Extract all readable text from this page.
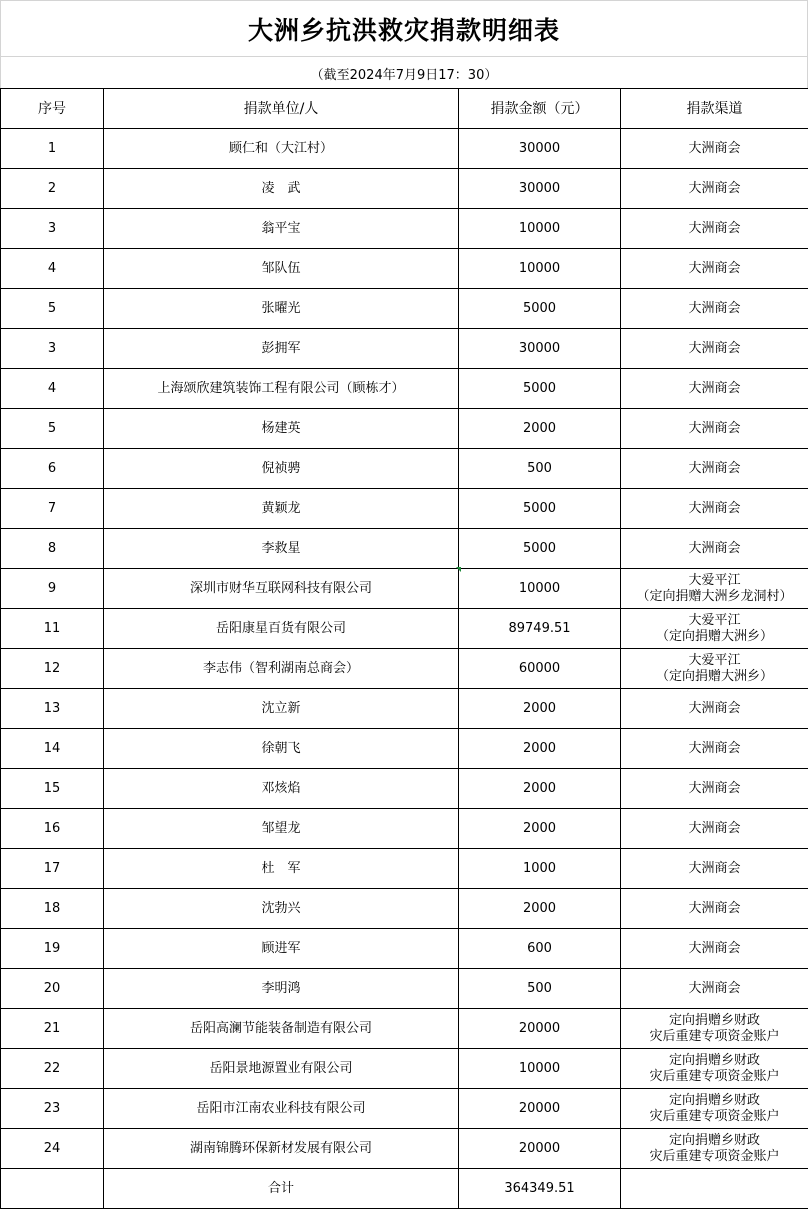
大洲乡抗洪救灾捐款明细表
（截至2024年7月9日17：30）
序号	捐款单位/人	捐款金额（元）	捐款渠道
1	顾仁和（大江村）	30000	大洲商会

2	凌　武	30000	大洲商会

3	翁平宝	10000	大洲商会

4	邹队伍	10000	大洲商会

5	张曜光	5000	大洲商会

3	彭拥军	30000	大洲商会

4	上海颂欣建筑装饰工程有限公司（顾栋才）	5000	大洲商会

5	杨建英	2000	大洲商会

6	倪祯骋	500	大洲商会

7	黄颖龙	5000	大洲商会

8	李救星	5000	大洲商会

9	深圳市财华互联网科技有限公司	10000	大爱平江
（定向捐赠大洲乡龙洞村）

11	岳阳康星百货有限公司	89749.51	大爱平江
（定向捐赠大洲乡）

12	李志伟（智利湖南总商会）	60000	大爱平江
（定向捐赠大洲乡）

13	沈立新	2000	大洲商会

14	徐朝飞	2000	大洲商会

15	邓烗焰	2000	大洲商会

16	邹望龙	2000	大洲商会

17	杜　军	1000	大洲商会

18	沈勃兴	2000	大洲商会

19	顾进军	600	大洲商会

20	李明鸿	500	大洲商会

21	岳阳高澜节能装备制造有限公司	20000	定向捐赠乡财政
灾后重建专项资金账户

22	岳阳景地源置业有限公司	10000	定向捐赠乡财政
灾后重建专项资金账户

23	岳阳市江南农业科技有限公司	20000	定向捐赠乡财政
灾后重建专项资金账户

24	湖南锦腾环保新材发展有限公司	20000	定向捐赠乡财政
灾后重建专项资金账户

	合计	364349.51	
